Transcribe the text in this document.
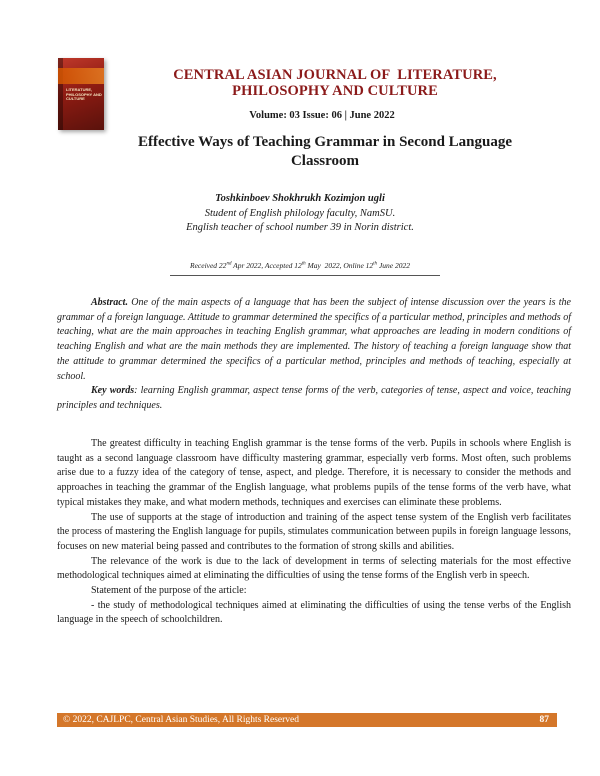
LITERATURE, PHILOSOPHY AND CULTURE
CENTRAL ASIAN JOURNAL OF  LITERATURE,
PHILOSOPHY AND CULTURE
Volume: 03 Issue: 06 | June 2022
Effective Ways of Teaching Grammar in Second Language
Classroom
Toshkinboev Shokhrukh Kozimjon ugli
Student of English philology faculty, NamSU.
English teacher of school number 39 in Norin district.
Received 22nd Apr 2022, Accepted 12th May  2022, Online 12th June 2022

Abstract. One of the main aspects of a language that has been the subject of intense discussion over the years is the grammar of a foreign language. Attitude to grammar determined the specifics of a particular method, principles and methods of teaching, what are the main approaches in teaching English grammar, what approaches are leading in modern conditions of teaching English and what are the main methods they are implemented. The history of teaching a foreign language show that the attitude to grammar determined the specifics of a particular method, principles and methods of teaching, especially at school.

Key words: learning English grammar, aspect tense forms of the verb, categories of tense, aspect and voice, teaching principles and techniques.

The greatest difficulty in teaching English grammar is the tense forms of the verb. Pupils in schools where English is taught as a second language classroom have difficulty mastering grammar, especially verb forms. Most often, such problems arise due to a fuzzy idea of the category of tense, aspect, and pledge. Therefore, it is necessary to consider the methods and approaches in teaching the grammar of the English language, what problems pupils of the tense forms of the verb have, what typical mistakes they make, and what modern methods, techniques and exercises can eliminate these problems.

The use of supports at the stage of introduction and training of the aspect tense system of the English verb facilitates the process of mastering the English language for pupils, stimulates communication between pupils in foreign language lessons, focuses on new material being passed and contributes to the formation of strong skills and abilities.

The relevance of the work is due to the lack of development in terms of selecting materials for the most effective methodological techniques aimed at eliminating the difficulties of using the tense forms of the English verb in speech.

Statement of the purpose of the article:

- the study of methodological techniques aimed at eliminating the difficulties of using the tense verbs of the English language in the speech of schoolchildren.

© 2022, CAJLPC, Central Asian Studies, All Rights Reserved	87
